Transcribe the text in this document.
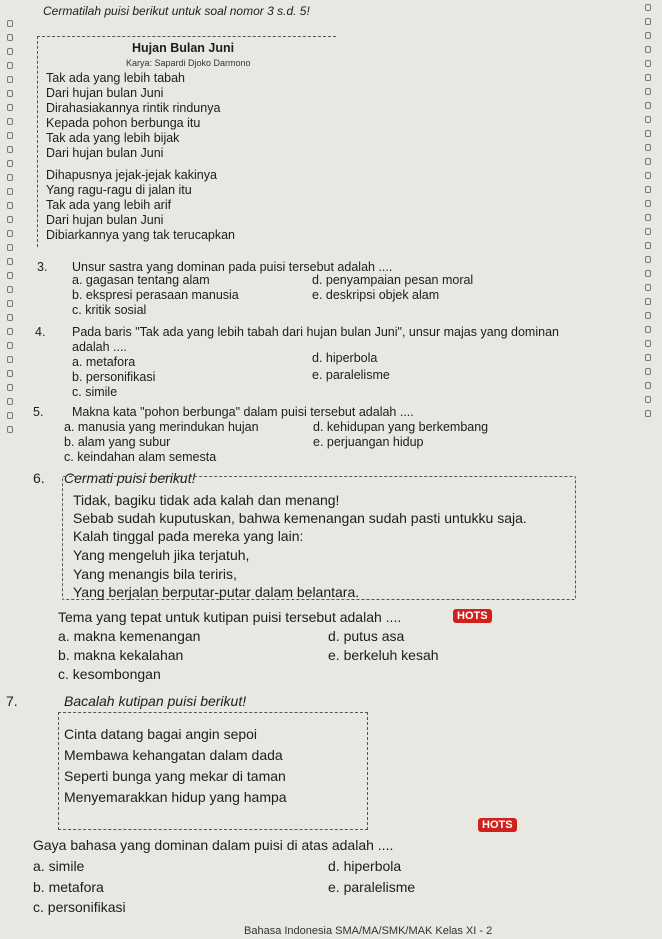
Cermatilah puisi berikut untuk soal nomor 3 s.d. 5!
Hujan Bulan Juni
Karya: Sapardi Djoko Darmono
Tak ada yang lebih tabah
Dari hujan bulan Juni
Dirahasiakannya rintik rindunya
Kepada pohon berbunga itu
Tak ada yang lebih bijak
Dari hujan bulan Juni
Dihapusnya jejak-jejak kakinya
Yang ragu-ragu di jalan itu
Tak ada yang lebih arif
Dari hujan bulan Juni
Dibiarkannya yang tak terucapkan
3. Unsur sastra yang dominan pada puisi tersebut adalah ....
a. gagasan tentang alam
b. ekspresi perasaan manusia
c. kritik sosial
d. penyampaian pesan moral
e. deskripsi objek alam
4. Pada baris "Tak ada yang lebih tabah dari hujan bulan Juni", unsur majas yang dominan
adalah ....
a. metafora
b. personifikasi
c. simile
d. hiperbola
e. paralelisme
5. Makna kata "pohon berbunga" dalam puisi tersebut adalah ....
a. manusia yang merindukan hujan
b. alam yang subur
c. keindahan alam semesta
d. kehidupan yang berkembang
e. perjuangan hidup
6. Cermati puisi berikut!
Tidak, bagiku tidak ada kalah dan menang!
Sebab sudah kuputuskan, bahwa kemenangan sudah pasti untukku saja.
Kalah tinggal pada mereka yang lain:
Yang mengeluh jika terjatuh,
Yang menangis bila teriris,
Yang berjalan berputar-putar dalam belantara.
Tema yang tepat untuk kutipan puisi tersebut adalah ....	HOTS
a. makna kemenangan
b. makna kekalahan
c. kesombongan
d. putus asa
e. berkeluh kesah
7.	Bacalah kutipan puisi berikut!
Cinta datang bagai angin sepoi
Membawa kehangatan dalam dada
Seperti bunga yang mekar di taman
Menyemarakkan hidup yang hampa
Gaya bahasa yang dominan dalam puisi di atas adalah ....
HOTS
a. simile
b. metafora
c. personifikasi
d. hiperbola
e. paralelisme
Bahasa Indonesia SMA/MA/SMK/MAK Kelas XI - 2
